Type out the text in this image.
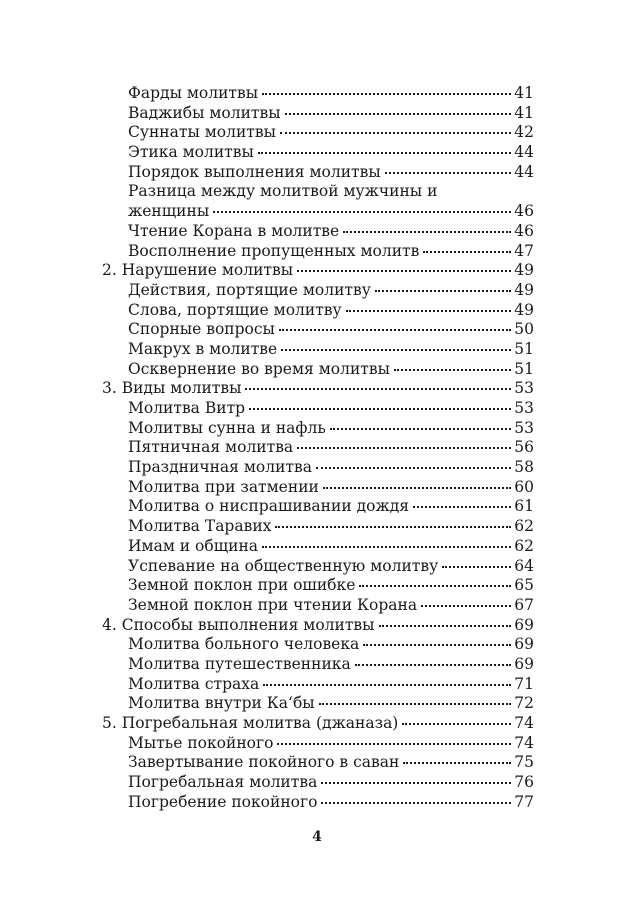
Фарды молитвы	41
Ваджибы молитвы	41
Суннаты молитвы	42
Этика молитвы	44
Порядок выполнения молитвы	44
Разница между молитвой мужчины и
женщины	46
Чтение Корана в молитве	46
Восполнение пропущенных молитв	47
2. Нарушение молитвы	49
Действия, портящие молитву	49
Слова, портящие молитву	49
Спорные вопросы	50
Макрух в молитве	51
Осквернение во время молитвы	51
3. Виды молитвы	53
Молитва Витр	53
Молитвы сунна и нафль	53
Пятничная молитва	56
Праздничная молитва	58
Молитва при затмении	60
Молитва о ниспрашивании дождя	61
Молитва Таравих	62
Имам и община	62
Успевание на общественную молитву	64
Земной поклон при ошибке	65
Земной поклон при чтении Корана	67
4. Способы выполнения молитвы	69
Молитва больного человека	69
Молитва путешественника	69
Молитва страха	71
Молитва внутри Ка‘бы	72
5. Погребальная молитва (джаназа)	74
Мытье покойного	74
Завертывание покойного в саван	75
Погребальная молитва	76
Погребение покойного	77
4
